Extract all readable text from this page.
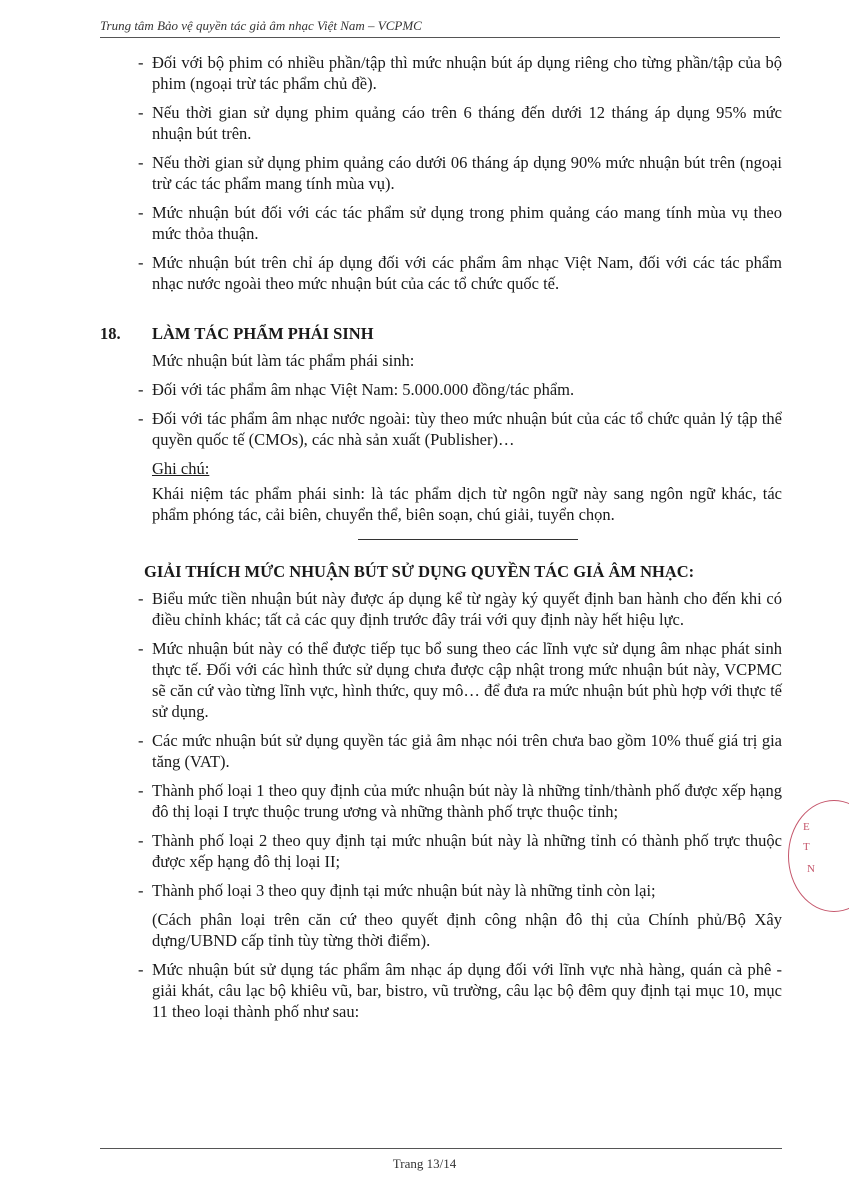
Trung tâm Bảo vệ quyền tác giả âm nhạc Việt Nam – VCPMC
- Đối với bộ phim có nhiều phần/tập thì mức nhuận bút áp dụng riêng cho từng phần/tập của bộ phim (ngoại trừ tác phẩm chủ đề).
- Nếu thời gian sử dụng phim quảng cáo trên 6 tháng đến dưới 12 tháng áp dụng 95% mức nhuận bút trên.
- Nếu thời gian sử dụng phim quảng cáo dưới 06 tháng áp dụng 90% mức nhuận bút trên (ngoại trừ các tác phẩm mang tính mùa vụ).
- Mức nhuận bút đối với các tác phẩm sử dụng trong phim quảng cáo mang tính mùa vụ theo mức thỏa thuận.
- Mức nhuận bút trên chỉ áp dụng đối với các phẩm âm nhạc Việt Nam, đối với các tác phẩm nhạc nước ngoài theo mức nhuận bút của các tổ chức quốc tế.
18.	LÀM TÁC PHẨM PHÁI SINH
Mức nhuận bút làm tác phẩm phái sinh:
- Đối với tác phẩm âm nhạc Việt Nam: 5.000.000 đồng/tác phẩm.
- Đối với tác phẩm âm nhạc nước ngoài: tùy theo mức nhuận bút của các tổ chức quản lý tập thể quyền quốc tế (CMOs), các nhà sản xuất (Publisher)…
Ghi chú:
Khái niệm tác phẩm phái sinh: là tác phẩm dịch từ ngôn ngữ này sang ngôn ngữ khác, tác phẩm phóng tác, cải biên, chuyển thể, biên soạn, chú giải, tuyển chọn.
GIẢI THÍCH MỨC NHUẬN BÚT SỬ DỤNG QUYỀN TÁC GIẢ ÂM NHẠC:
- Biểu mức tiền nhuận bút này được áp dụng kể từ ngày ký quyết định ban hành cho đến khi có điều chỉnh khác; tất cả các quy định trước đây trái với quy định này hết hiệu lực.
- Mức nhuận bút này có thể được tiếp tục bổ sung theo các lĩnh vực sử dụng âm nhạc phát sinh thực tế. Đối với các hình thức sử dụng chưa được cập nhật trong mức nhuận bút này, VCPMC sẽ căn cứ vào từng lĩnh vực, hình thức, quy mô… để đưa ra mức nhuận bút phù hợp với thực tế sử dụng.
- Các mức nhuận bút sử dụng quyền tác giả âm nhạc nói trên chưa bao gồm 10% thuế giá trị gia tăng (VAT).
- Thành phố loại 1 theo quy định của mức nhuận bút này là những tỉnh/thành phố được xếp hạng đô thị loại I trực thuộc trung ương và những thành phố trực thuộc tỉnh;
- Thành phố loại 2 theo quy định tại mức nhuận bút này là những tỉnh có thành phố trực thuộc được xếp hạng đô thị loại II;
- Thành phố loại 3 theo quy định tại mức nhuận bút này là những tỉnh còn lại;
(Cách phân loại trên căn cứ theo quyết định công nhận đô thị của Chính phủ/Bộ Xây dựng/UBND cấp tỉnh tùy từng thời điểm).
- Mức nhuận bút sử dụng tác phẩm âm nhạc áp dụng đối với lĩnh vực nhà hàng, quán cà phê - giải khát, câu lạc bộ khiêu vũ, bar, bistro, vũ trường, câu lạc bộ đêm quy định tại mục 10, mục 11 theo loại thành phố như sau:
E
T
N
Trang 13/14
